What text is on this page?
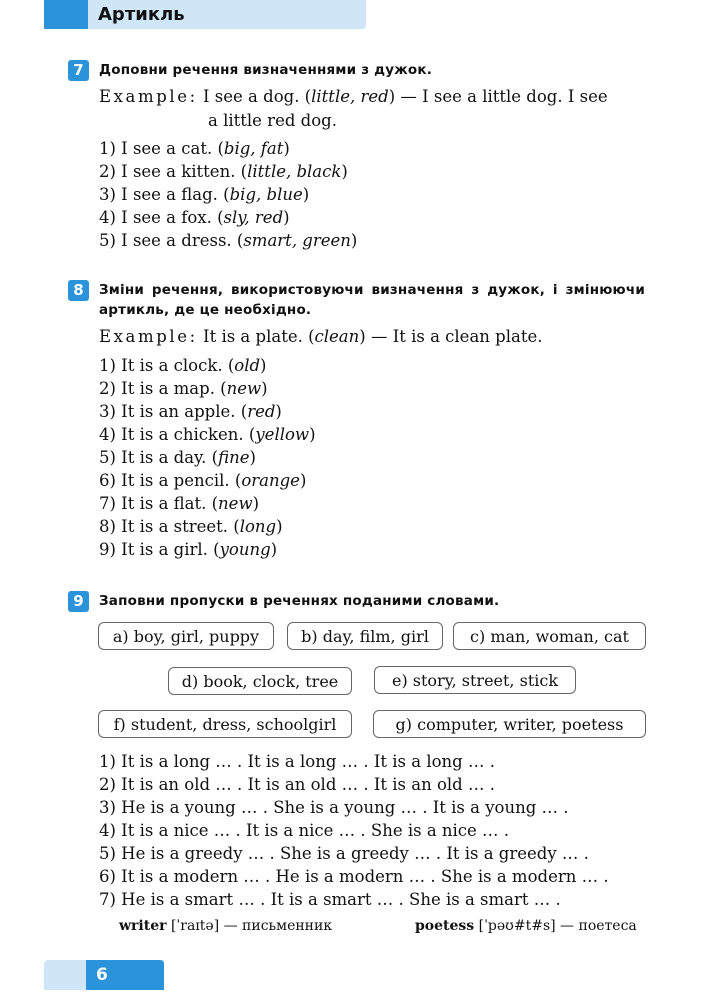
Артикль
7	Доповни речення визначеннями з дужок.
Example: I see a dog. (little, red) — I see a little dog. I see
a little red dog.
1) I see a cat. (big, fat)
2) I see a kitten. (little, black)
3) I see a flag. (big, blue)
4) I see a fox. (sly, red)
5) I see a dress. (smart, green)
8	Зміни речення, використовуючи визначення з дужок, і змінюючи
артикль, де це необхідно.
Example: It is a plate. (clean) — It is a clean plate.
1) It is a clock. (old)
2) It is a map. (new)
3) It is an apple. (red)
4) It is a chicken. (yellow)
5) It is a day. (fine)
6) It is a pencil. (orange)
7) It is a flat. (new)
8) It is a street. (long)
9) It is a girl. (young)
9	Заповни пропуски в реченнях поданими словами.
a) boy, girl, puppy	b) day, film, girl	c) man, woman, cat
d) book, clock, tree	e) story, street, stick
f) student, dress, schoolgirl	g) computer, writer, poetess
1) It is a long … . It is a long … . It is a long … .
2) It is an old … . It is an old … . It is an old … .
3) He is a young … . She is a young … . It is a young … .
4) It is a nice … . It is a nice … . She is a nice … .
5) He is a greedy … . She is a greedy … . It is a greedy … .
6) It is a modern … . He is a modern … . She is a modern … .
7) He is a smart … . It is a smart … . She is a smart … .
writer [ˈraɪtə] — письменник	poetess [ˈpəʊ#t#s] — поетеса
6
